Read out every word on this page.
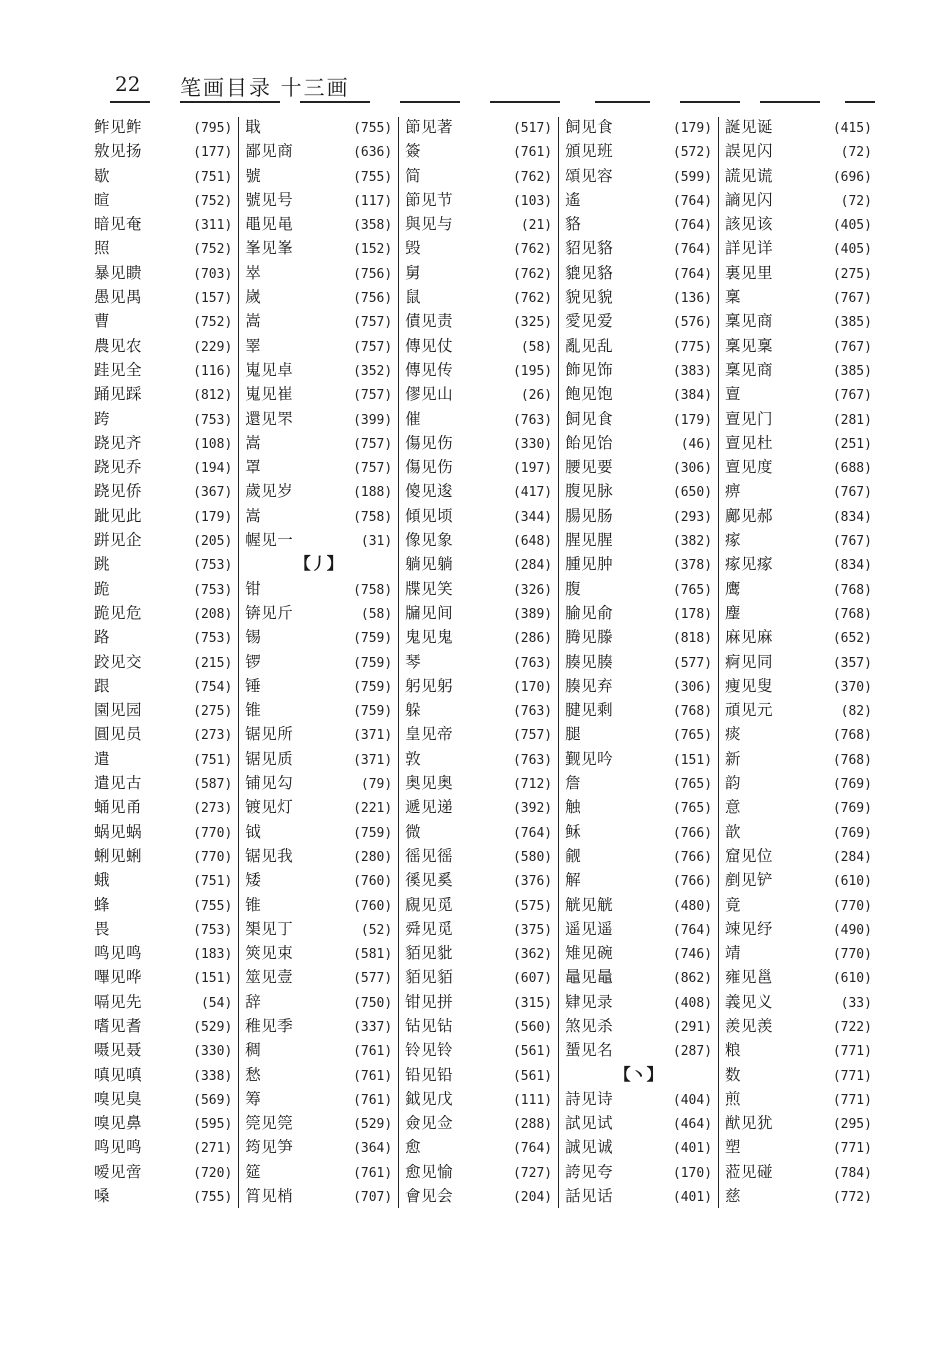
22 笔画目录 十三画
鲊见鲊	(795)
敫见扬	(177)
歇	(751)
暄	(752)
暗见奄	(311)
照	(752)
暴见瞆	(703)
愚见禺	(157)
曹	(752)
農见农	(229)
跬见全	(116)
踊见踩	(812)
跨	(753)
跷见齐	(108)
跷见乔	(194)
跷见侨	(367)
跐见此	(179)
跰见企	(205)
跳	(753)
跪	(753)
跪见危	(208)
路	(753)
跤见交	(215)
跟	(754)
園见园	(275)
圓见员	(273)
遣	(751)
遣见古	(587)
蛹见甬	(273)
蜗见蜗	(770)
蜊见蜊	(770)
蛾	(751)
蜂	(755)
畏	(753)
鸣见鸣	(183)
嗶见哗	(151)
嗝见先	(54)
嗜见耆	(529)
嗫见聂	(330)
嗔见嗔	(338)
嗅见臭	(569)
嗅见鼻	(595)
鸣见鸣	(271)
嗳见啻	(720)
嗓	(755)
戢	(755)
鄙见商	(636)
號	(755)
號见号	(117)
黽见黾	(358)
峯见峯	(152)
崒	(756)
嵗	(756)
嵩	(757)
睪	(757)
嵬见卓	(352)
嵬见崔	(757)
還见罘	(399)
嵩	(757)
罩	(757)
歲见岁	(188)
嵩	(758)
幄见一	(31)
【丿】
钳	(758)
锛见斤	(58)
锡	(759)
锣	(759)
锤	(759)
锥	(759)
锯见所	(371)
锯见质	(371)
铺见勾	(79)
镀见灯	(221)
钺	(759)
锯见我	(280)
矮	(760)
锥	(760)
榘见丁	(52)
筴见束	(581)
筮见壹	(577)
辞	(750)
稚见季	(337)
稠	(761)
愁	(761)
筹	(761)
筦见筦	(529)
筠见笋	(364)
筵	(761)
筲见梢	(707)
節见著	(517)
簽	(761)
简	(762)
節见节	(103)
與见与	(21)
毁	(762)
舅	(762)
鼠	(762)
債见责	(325)
傳见仗	(58)
傳见传	(195)
僇见山	(26)
催	(763)
傷见伤	(330)
傷见伤	(197)
傻见逡	(417)
傾见顷	(344)
像见象	(648)
躺见躺	(284)
牒见笑	(326)
牖见间	(389)
鬼见鬼	(286)
琴	(763)
躬见躬	(170)
躲	(763)
皇见帝	(757)
敦	(763)
奥见奥	(712)
遞见递	(392)
微	(764)
徭见徭	(580)
徯见奚	(376)
覛见觅	(575)
舜见觅	(375)
貊见豼	(362)
貊见貊	(607)
钳见拼	(315)
钻见钻	(560)
铃见铃	(561)
铅见铅	(561)
鉞见戊	(111)
僉见佥	(288)
愈	(764)
愈见愉	(727)
會见会	(204)
飼见食	(179)
頒见班	(572)
頌见容	(599)
遙	(764)
貉	(764)
貂见貉	(764)
貔见貉	(764)
貌见貌	(136)
愛见爱	(576)
亂见乱	(775)
飾见饰	(383)
飽见饱	(384)
飼见食	(179)
飴见饴	(46)
腰见要	(306)
腹见脉	(650)
腸见肠	(293)
腥见腥	(382)
腫见肿	(378)
腹	(765)
腧见俞	(178)
腾见滕	(818)
腠见腠	(577)
腠见弃	(306)
腱见剩	(768)
腿	(765)
觐见吟	(151)
詹	(765)
触	(765)
稣	(766)
觎	(766)
解	(766)
觥见觥	(480)
遥见遥	(764)
雉见碗	(746)
鼂见鼂	(862)
肄见录	(408)
煞见杀	(291)
蜑见名	(287)
【丶】
詩见诗	(404)
試见试	(464)
誠见诚	(401)
誇见夸	(170)
話见话	(401)
誕见诞	(415)
誤见闪	(72)
謊见谎	(696)
謪见闪	(72)
該见该	(405)
詳见详	(405)
裏见里	(275)
稟	(767)
稟见商	(385)
稟见稟	(767)
稟见商	(385)
亶	(767)
亶见门	(281)
亶见杜	(251)
亶见度	(688)
痹	(767)
鄺见郝	(834)
瘃	(767)
瘃见瘃	(834)
鹰	(768)
麈	(768)
麻见麻	(652)
痾见同	(357)
痩见叟	(370)
頑见元	(82)
痰	(768)
新	(768)
韵	(769)
意	(769)
歆	(769)
窟见位	(284)
剷见铲	(610)
竟	(770)
竦见纾	(490)
靖	(770)
雍见邕	(610)
義见义	(33)
羨见羡	(722)
粮	(771)
数	(771)
煎	(771)
猷见犹	(295)
塑	(771)
蒞见碰	(784)
慈	(772)
